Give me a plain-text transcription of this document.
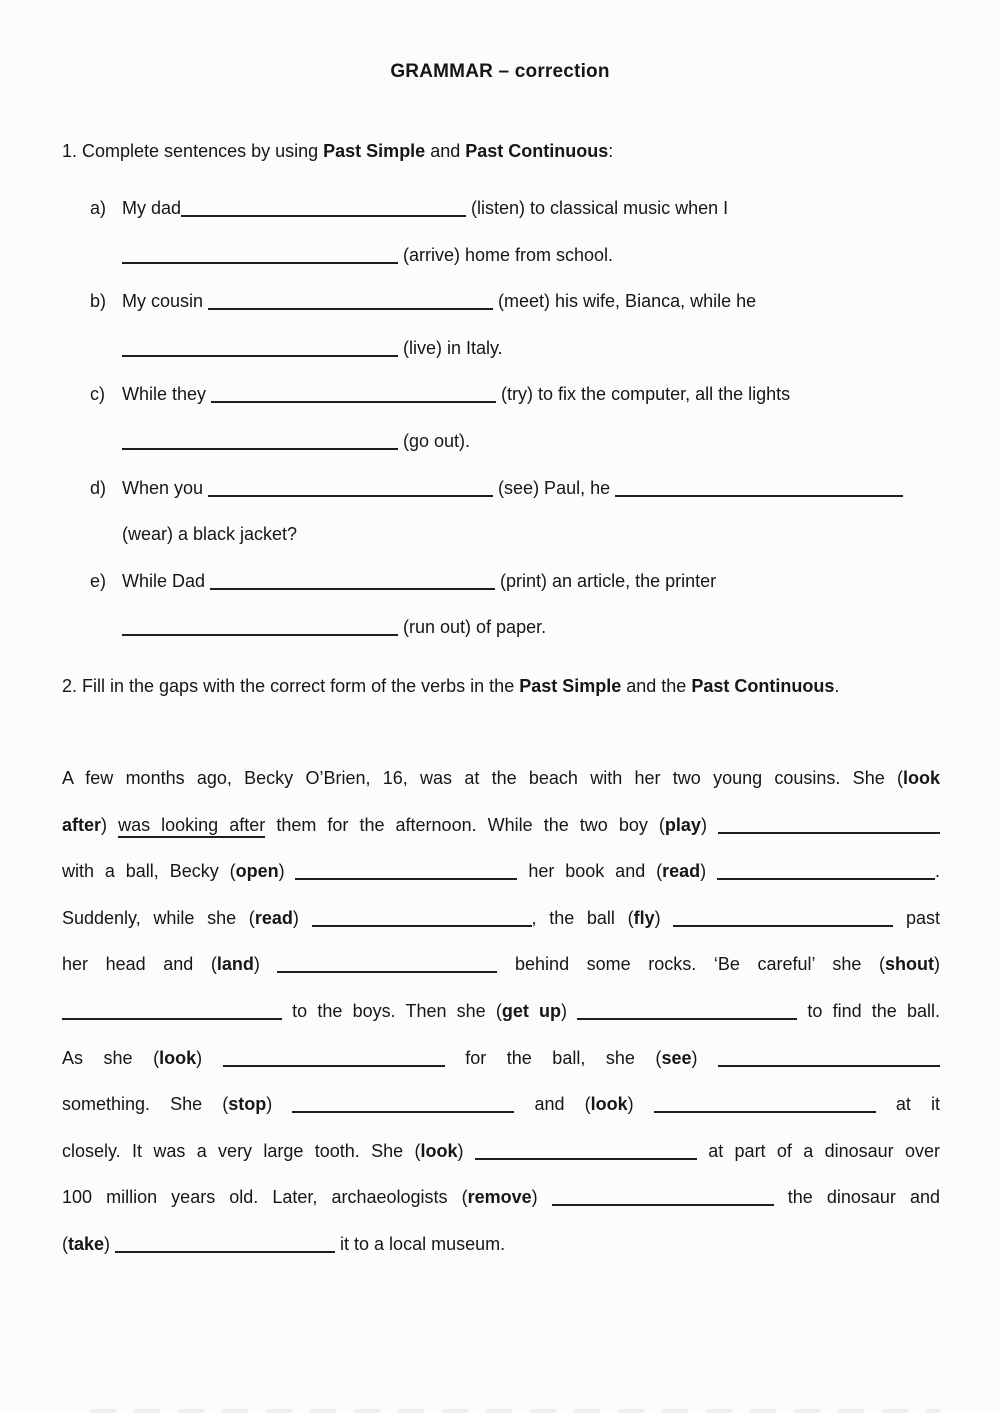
GRAMMAR – correction
1. Complete sentences by using Past Simple and Past Continuous:
a) My dad	(listen) to classical music when I
(arrive) home from school.
b) My cousin	(meet) his wife, Bianca, while he
(live) in Italy.
c) While they	(try) to fix the computer, all the lights
(go out).
d) When you	(see) Paul, he
(wear) a black jacket?
e) While Dad	(print) an article, the printer
(run out) of paper.
2. Fill in the gaps with the correct form of the verbs in the Past Simple and the Past Continuous.
A few months ago, Becky O’Brien, 16, was at the beach with her two young cousins. She (look
after) was looking after them for the afternoon. While the two boy (play)
with a ball, Becky (open)	her book and (read)	.
Suddenly, while she (read)	, the ball (fly)	past
her head and (land)	behind some rocks. ‘Be careful’ she (shout)
to the boys. Then she (get up)	to find the ball.
As she (look)	for the ball, she (see)
something. She (stop)	and (look)	at it
closely. It was a very large tooth. She (look)	at part of a dinosaur over
100 million years old. Later, archaeologists (remove)	the dinosaur and
(take)	it to a local museum.
